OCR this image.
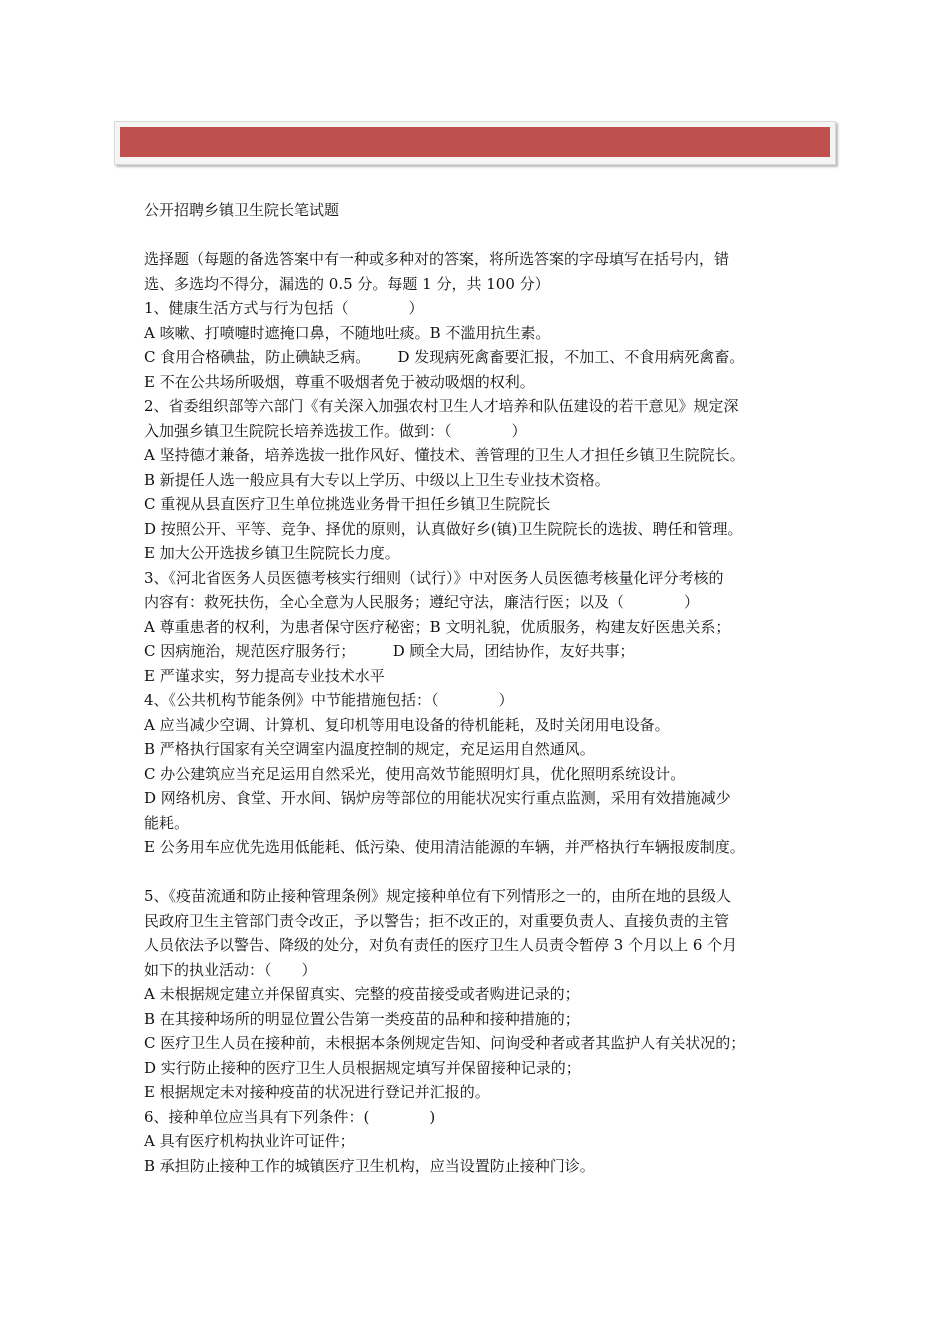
公开招聘乡镇卫生院长笔试题

选择题（每题的备选答案中有一种或多种对的答案，将所选答案的字母填写在括号内，错

选、多选均不得分，漏选的 0.5 分。每题 1 分，共 100 分）

1、健康生活方式与行为包括（　　　　）

A 咳嗽、打喷嚏时遮掩口鼻，不随地吐痰。B 不滥用抗生素。

C 食用合格碘盐，防止碘缺乏病。　　 D 发现病死禽畜要汇报，不加工、不食用病死禽畜。

E 不在公共场所吸烟，尊重不吸烟者免于被动吸烟的权利。

2、省委组织部等六部门《有关深入加强农村卫生人才培养和队伍建设的若干意见》规定深

入加强乡镇卫生院院长培养选拔工作。做到：（　　　　）

A 坚持德才兼备，培养选拔一批作风好、懂技术、善管理的卫生人才担任乡镇卫生院院长。

B 新提任人选一般应具有大专以上学历、中级以上卫生专业技术资格。

C 重视从县直医疗卫生单位挑选业务骨干担任乡镇卫生院院长

D 按照公开、平等、竞争、择优的原则，认真做好乡(镇)卫生院院长的选拔、聘任和管理。

E 加大公开选拔乡镇卫生院院长力度。

3、《河北省医务人员医德考核实行细则（试行）》中对医务人员医德考核量化评分考核的

内容有：救死扶伤，全心全意为人民服务；遵纪守法，廉洁行医；以及（　　　　）

A 尊重患者的权利，为患者保守医疗秘密；B 文明礼貌，优质服务，构建友好医患关系；

C 因病施治，规范医疗服务行；　　　D 顾全大局，团结协作，友好共事；

E 严谨求实，努力提高专业技术水平

4、《公共机构节能条例》中节能措施包括：（　　　　）

A 应当减少空调、计算机、复印机等用电设备的待机能耗，及时关闭用电设备。

B 严格执行国家有关空调室内温度控制的规定，充足运用自然通风。

C 办公建筑应当充足运用自然采光，使用高效节能照明灯具，优化照明系统设计。

D 网络机房、食堂、开水间、锅炉房等部位的用能状况实行重点监测，采用有效措施减少

能耗。

E 公务用车应优先选用低能耗、低污染、使用清洁能源的车辆，并严格执行车辆报废制度。

5、《疫苗流通和防止接种管理条例》规定接种单位有下列情形之一的，由所在地的县级人

民政府卫生主管部门责令改正，予以警告；拒不改正的，对重要负责人、直接负责的主管

人员依法予以警告、降级的处分，对负有责任的医疗卫生人员责令暂停 3 个月以上 6 个月

如下的执业活动：（　　）

A 未根据规定建立并保留真实、完整的疫苗接受或者购进记录的；

B 在其接种场所的明显位置公告第一类疫苗的品种和接种措施的；

C 医疗卫生人员在接种前，未根据本条例规定告知、问询受种者或者其监护人有关状况的；

D 实行防止接种的医疗卫生人员根据规定填写并保留接种记录的；

E 根据规定未对接种疫苗的状况进行登记并汇报的。

6、接种单位应当具有下列条件：(　　　　)

A 具有医疗机构执业许可证件；

B 承担防止接种工作的城镇医疗卫生机构，应当设置防止接种门诊。
